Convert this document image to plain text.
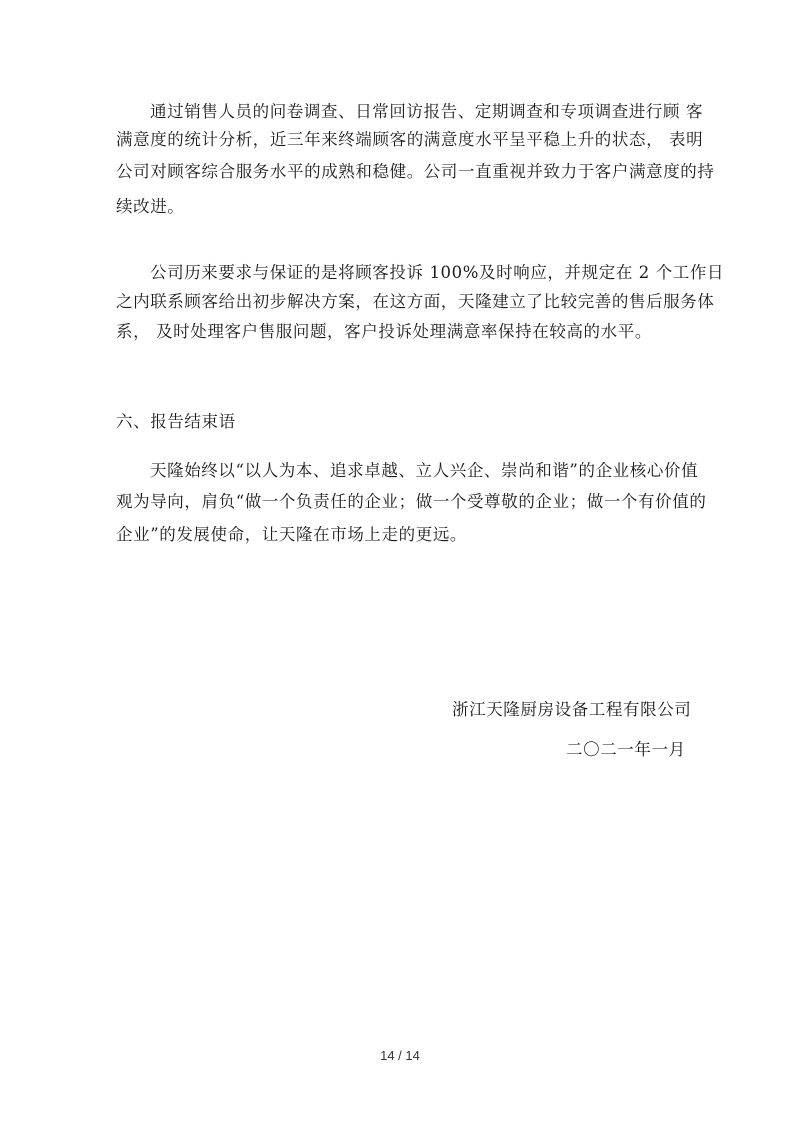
通过销售人员的问卷调查、日常回访报告、定期调查和专项调查进行顾 客
满意度的统计分析，近三年来终端顾客的满意度水平呈平稳上升的状态， 表明
公司对顾客综合服务水平的成熟和稳健。公司一直重视并致力于客户满意度的持
续改进。
公司历来要求与保证的是将顾客投诉 100%及时响应，并规定在 2 个工作日
之内联系顾客给出初步解决方案，在这方面，天隆建立了比较完善的售后服务体
系， 及时处理客户售服问题，客户投诉处理满意率保持在较高的水平。
六、报告结束语
天隆始终以“以人为本、追求卓越、立人兴企、崇尚和谐”的企业核心价值
观为导向，肩负“做一个负责任的企业；做一个受尊敬的企业；做一个有价值的
企业”的发展使命，让天隆在市场上走的更远。
浙江天隆厨房设备工程有限公司
二〇二一年一月
14 / 14
